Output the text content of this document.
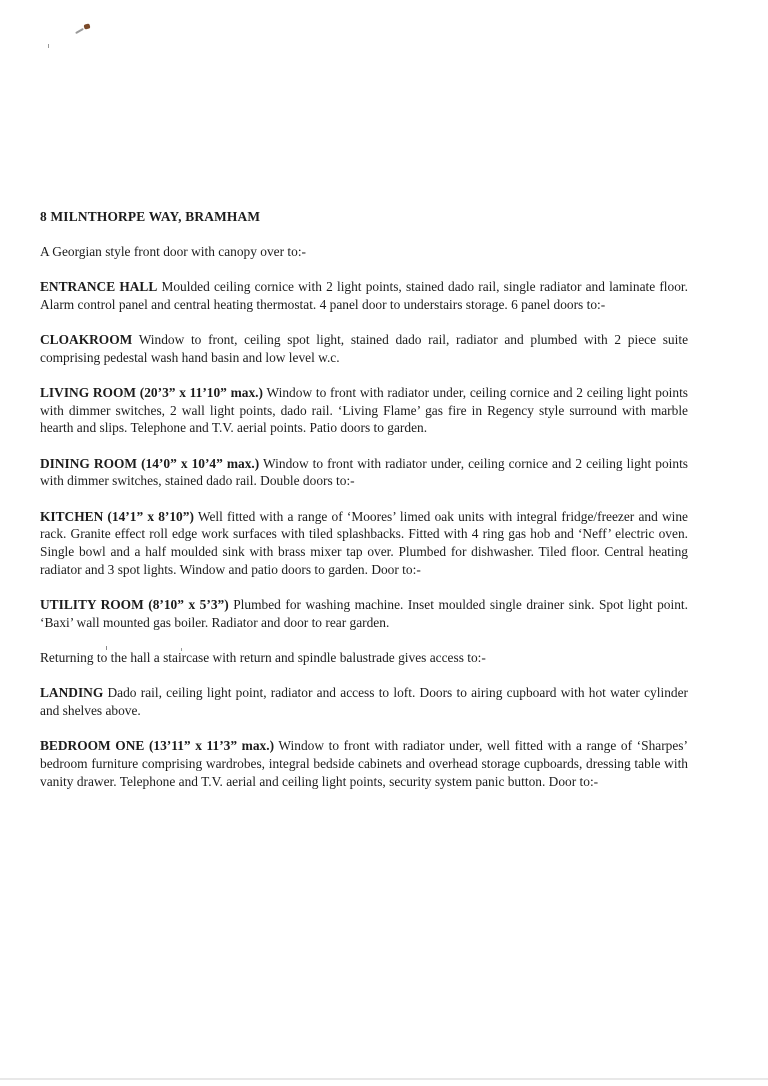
8 MILNTHORPE WAY, BRAMHAM
A Georgian style front door with canopy over to:-
ENTRANCE HALL Moulded ceiling cornice with 2 light points, stained dado rail, single radiator and laminate floor. Alarm control panel and central heating thermostat. 4 panel door to understairs storage. 6 panel doors to:-
CLOAKROOM Window to front, ceiling spot light, stained dado rail, radiator and plumbed with 2 piece suite comprising pedestal wash hand basin and low level w.c.
LIVING ROOM (20’3” x 11’10” max.) Window to front with radiator under, ceiling cornice and 2 ceiling light points with dimmer switches, 2 wall light points, dado rail. ‘Living Flame’ gas fire in Regency style surround with marble hearth and slips. Telephone and T.V. aerial points. Patio doors to garden.
DINING ROOM (14’0” x 10’4” max.) Window to front with radiator under, ceiling cornice and 2 ceiling light points with dimmer switches, stained dado rail. Double doors to:-
KITCHEN (14’1” x 8’10”) Well fitted with a range of ‘Moores’ limed oak units with integral fridge/freezer and wine rack. Granite effect roll edge work surfaces with tiled splashbacks. Fitted with 4 ring gas hob and ‘Neff’ electric oven. Single bowl and a half moulded sink with brass mixer tap over. Plumbed for dishwasher. Tiled floor. Central heating radiator and 3 spot lights. Window and patio doors to garden. Door to:-
UTILITY ROOM (8’10” x 5’3”) Plumbed for washing machine. Inset moulded single drainer sink. Spot light point. ‘Baxi’ wall mounted gas boiler. Radiator and door to rear garden.
Returning to the hall a staircase with return and spindle balustrade gives access to:-
LANDING Dado rail, ceiling light point, radiator and access to loft. Doors to airing cupboard with hot water cylinder and shelves above.
BEDROOM ONE (13’11” x 11’3” max.) Window to front with radiator under, well fitted with a range of ‘Sharpes’ bedroom furniture comprising wardrobes, integral bedside cabinets and overhead storage cupboards, dressing table with vanity drawer. Telephone and T.V. aerial and ceiling light points, security system panic button. Door to:-
